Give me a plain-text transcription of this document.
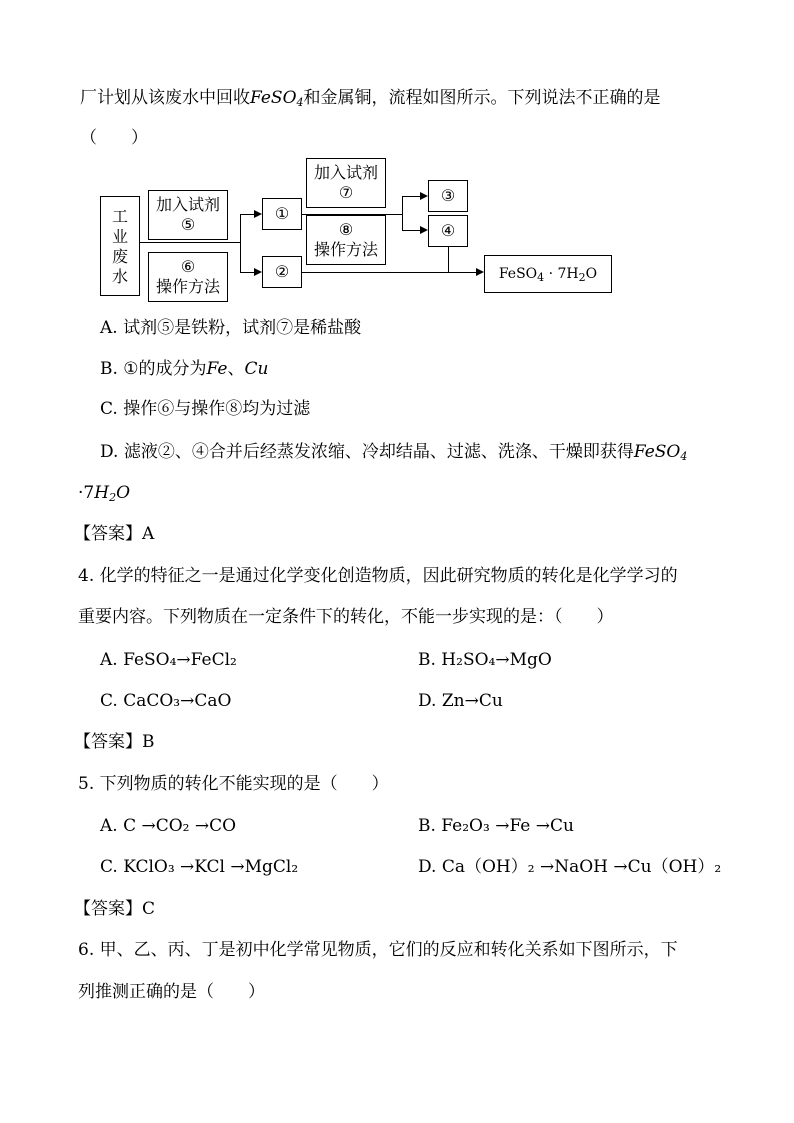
厂计划从该废水中回收FeSO$_4$和金属铜，流程如图所示。下列说法不正确的是
（　　）
工
业
废
水
加入试剂
⑤
⑥
操作方法
①
②
加入试剂
⑦
⑧
操作方法
③
④
FeSO$_4$ · $7H_2O$
A. 试剂⑤是铁粉，试剂⑦是稀盐酸
B. ①的成分为Fe、Cu
C. 操作⑥与操作⑧均为过滤
D. 滤液②、④合并后经蒸发浓缩、冷却结晶、过滤、洗涤、干燥即获得FeSO$_4$
$\cdot 7H_2O$
【答案】A
4. 化学的特征之一是通过化学变化创造物质，因此研究物质的转化是化学学习的
重要内容。下列物质在一定条件下的转化，不能一步实现的是：（　　）
A. FeSO₄→FeCl₂	B. H₂SO₄→MgO
C. CaCO₃→CaO	D. Zn→Cu
【答案】B
5. 下列物质的转化不能实现的是（　　）
A. C →CO₂ →CO	B. Fe₂O₃ →Fe →Cu
C. KClO₃ →KCl →MgCl₂	D. Ca（OH）₂ →NaOH →Cu（OH）₂
【答案】C
6. 甲、乙、丙、丁是初中化学常见物质，它们的反应和转化关系如下图所示，下
列推测正确的是（　　）
